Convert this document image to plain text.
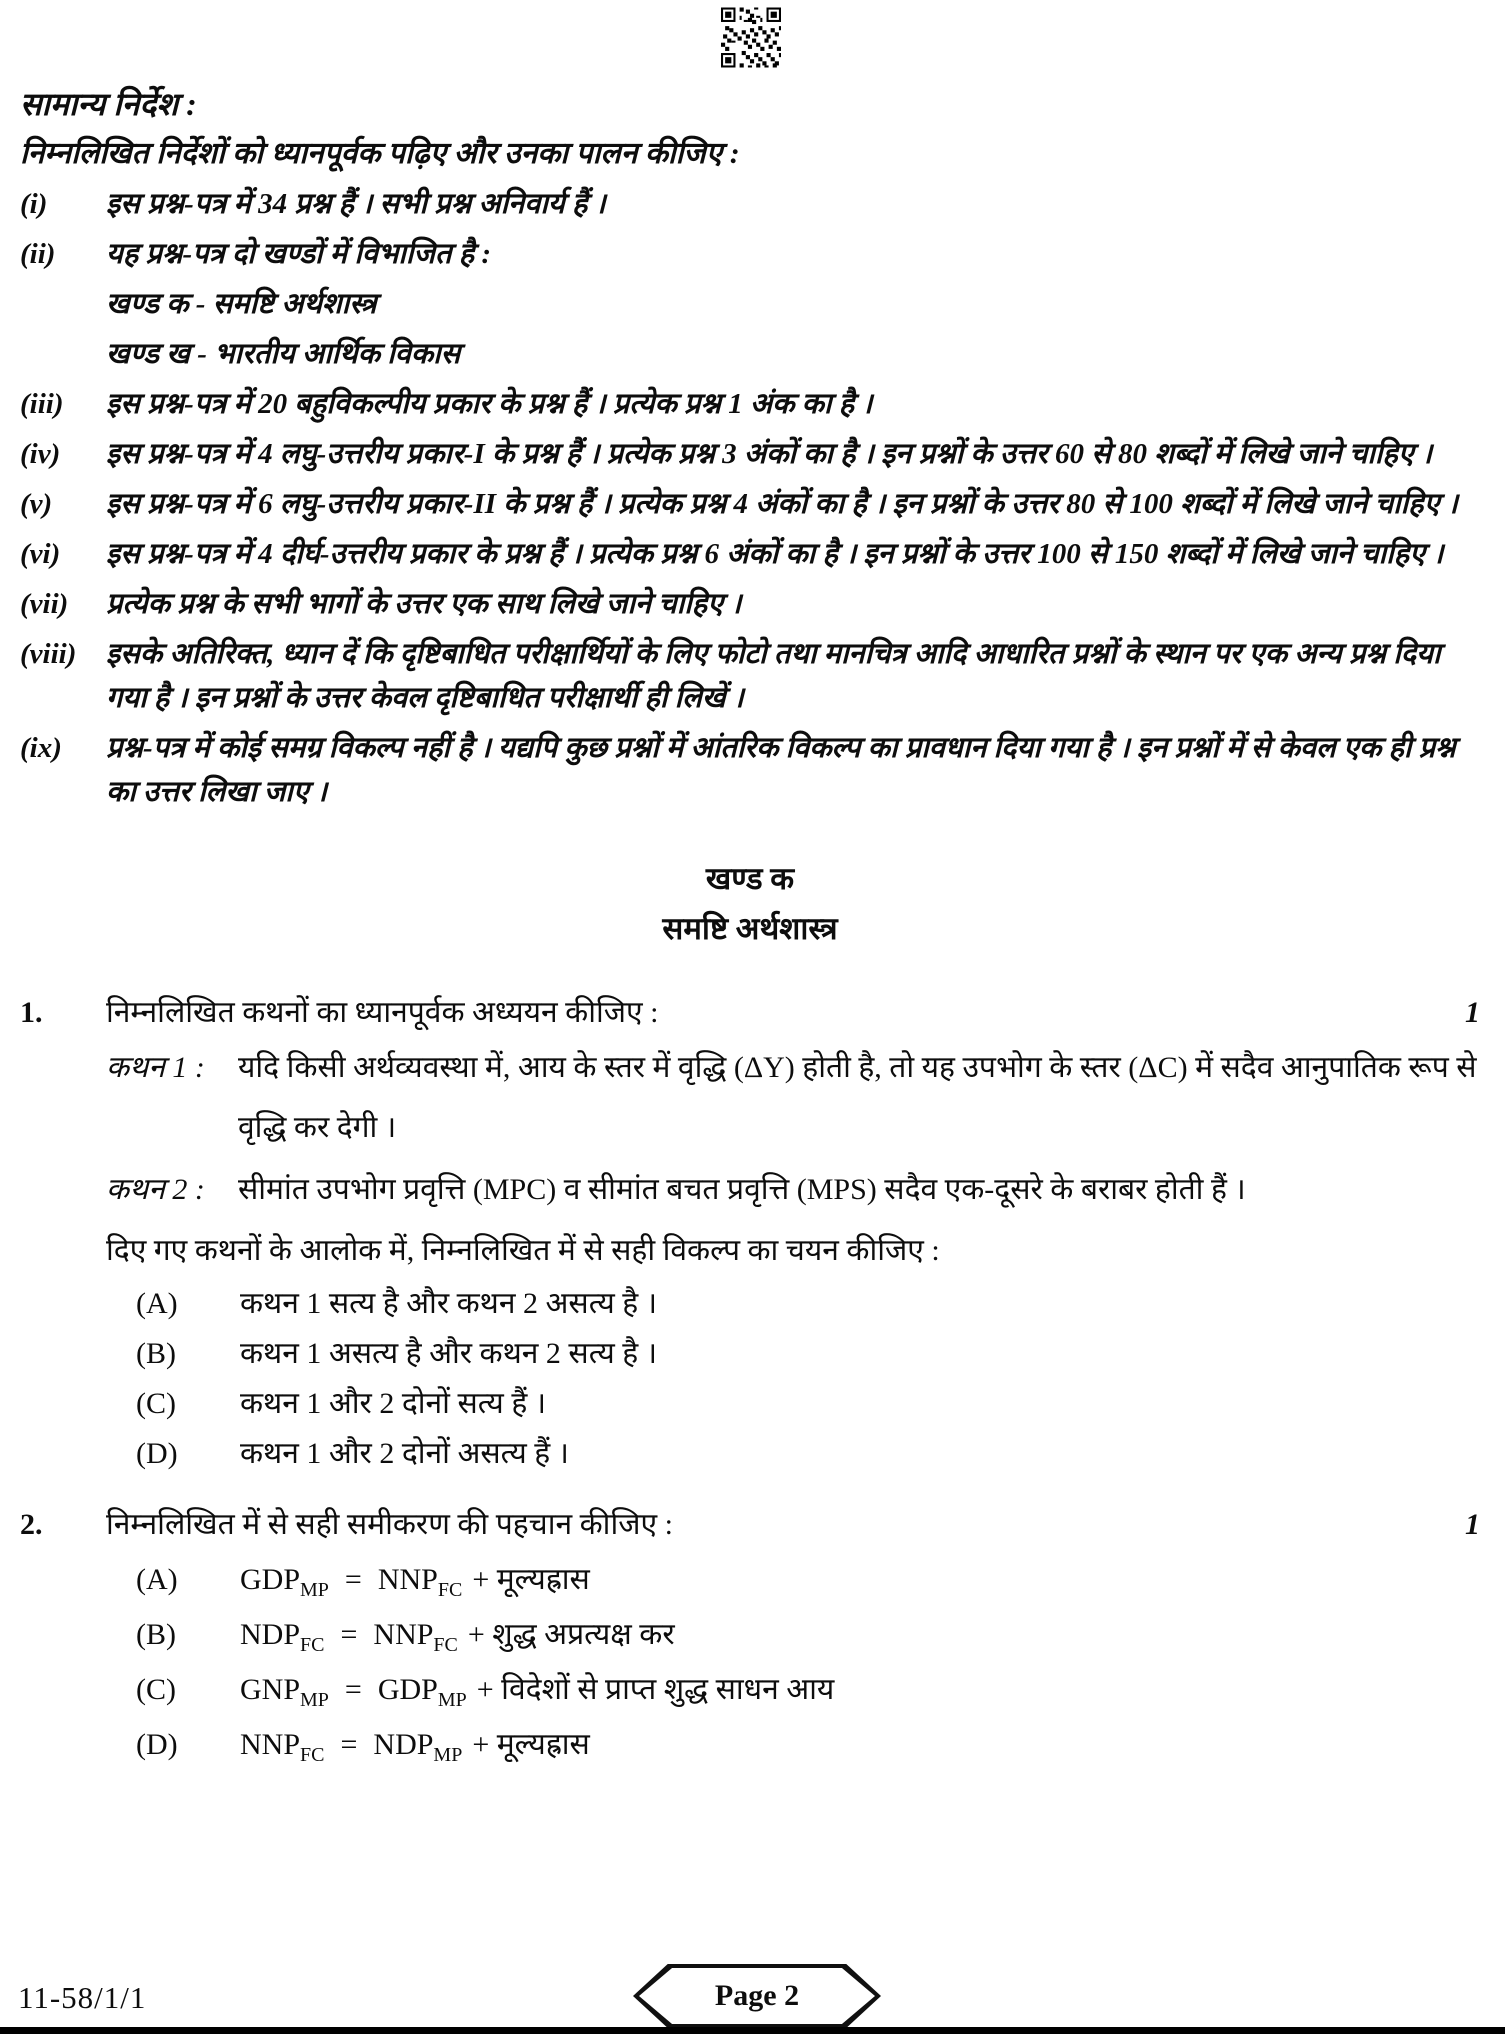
सामान्य निर्देश :
निम्नलिखित निर्देशों को ध्यानपूर्वक पढ़िए और उनका पालन कीजिए :
(i)	इस प्रश्न-पत्र में 34 प्रश्न हैं । सभी प्रश्न अनिवार्य हैं ।
(ii)	यह प्रश्न-पत्र दो खण्डों में विभाजित है :
खण्ड क - समष्टि अर्थशास्त्र
खण्ड ख - भारतीय आर्थिक विकास
(iii)	इस प्रश्न-पत्र में 20 बहुविकल्पीय प्रकार के प्रश्न हैं । प्रत्येक प्रश्न 1 अंक का है ।
(iv)	इस प्रश्न-पत्र में 4 लघु-उत्तरीय प्रकार-I के प्रश्न हैं । प्रत्येक प्रश्न 3 अंकों का है । इन प्रश्नों के उत्तर 60 से 80 शब्दों में लिखे जाने चाहिए ।
(v)	इस प्रश्न-पत्र में 6 लघु-उत्तरीय प्रकार-II के प्रश्न हैं । प्रत्येक प्रश्न 4 अंकों का है । इन प्रश्नों के उत्तर 80 से 100 शब्दों में लिखे जाने चाहिए ।
(vi)	इस प्रश्न-पत्र में 4 दीर्घ-उत्तरीय प्रकार के प्रश्न हैं । प्रत्येक प्रश्न 6 अंकों का है । इन प्रश्नों के उत्तर 100 से 150 शब्दों में लिखे जाने चाहिए ।
(vii)	प्रत्येक प्रश्न के सभी भागों के उत्तर एक साथ लिखे जाने चाहिए ।
(viii)	इसके अतिरिक्त, ध्यान दें कि दृष्टिबाधित परीक्षार्थियों के लिए फोटो तथा मानचित्र आदि आधारित प्रश्नों के स्थान पर एक अन्य प्रश्न दिया गया है । इन प्रश्नों के उत्तर केवल दृष्टिबाधित परीक्षार्थी ही लिखें ।
(ix)	प्रश्न-पत्र में कोई समग्र विकल्प नहीं है । यद्यपि कुछ प्रश्नों में आंतरिक विकल्प का प्रावधान दिया गया है । इन प्रश्नों में से केवल एक ही प्रश्न का उत्तर लिखा जाए ।
खण्ड क
समष्टि अर्थशास्त्र
1.	निम्नलिखित कथनों का ध्यानपूर्वक अध्ययन कीजिए :	1
कथन 1 :	यदि किसी अर्थव्यवस्था में, आय के स्तर में वृद्धि (ΔY) होती है, तो यह उपभोग के स्तर (ΔC) में सदैव आनुपातिक रूप से वृद्धि कर देगी ।
कथन 2 :	सीमांत उपभोग प्रवृत्ति (MPC) व सीमांत बचत प्रवृत्ति (MPS) सदैव एक-दूसरे के बराबर होती हैं ।
दिए गए कथनों के आलोक में, निम्नलिखित में से सही विकल्प का चयन कीजिए :
(A)	कथन 1 सत्य है और कथन 2 असत्य है ।
(B)	कथन 1 असत्य है और कथन 2 सत्य है ।
(C)	कथन 1 और 2 दोनों सत्य हैं ।
(D)	कथन 1 और 2 दोनों असत्य हैं ।
2.	निम्नलिखित में से सही समीकरण की पहचान कीजिए :	1
(A)	$GDP_{MP} = NNP_{FC}$ + मूल्यह्रास
(B)	$NDP_{FC} = NNP_{FC}$ + शुद्ध अप्रत्यक्ष कर
(C)	$GNP_{MP} = GDP_{MP}$ + विदेशों से प्राप्त शुद्ध साधन आय
(D)	$NNP_{FC} = NDP_{MP}$ + मूल्यह्रास
11-58/1/1	Page 2
